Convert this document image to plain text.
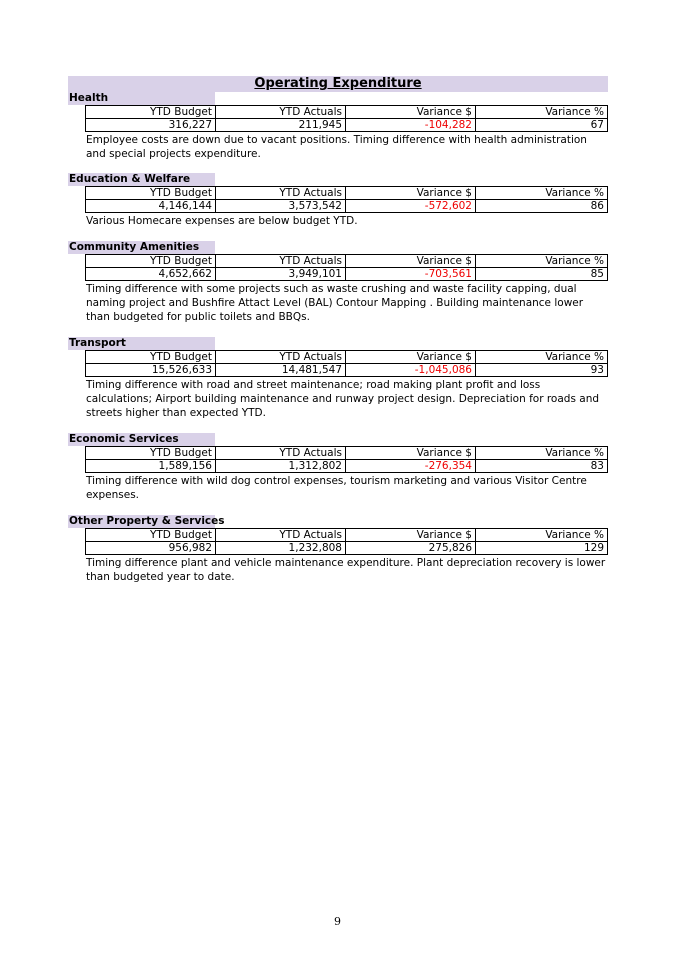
Operating Expenditure
Health
YTD Budget	YTD Actuals	Variance $	Variance %
316,227	211,945	-104,282	67
Employee costs are down due to vacant positions. Timing difference with health administration and special projects expenditure.
Education & Welfare
YTD Budget	YTD Actuals	Variance $	Variance %
4,146,144	3,573,542	-572,602	86
Various Homecare expenses are below budget YTD.
Community Amenities
YTD Budget	YTD Actuals	Variance $	Variance %
4,652,662	3,949,101	-703,561	85
Timing difference with some projects such as waste crushing and waste facility capping, dual naming project and Bushfire Attact Level (BAL) Contour Mapping . Building maintenance lower than budgeted for public toilets and BBQs.
Transport
YTD Budget	YTD Actuals	Variance $	Variance %
15,526,633	14,481,547	-1,045,086	93
Timing difference with road and street maintenance; road making plant profit and loss calculations; Airport building maintenance and runway project design. Depreciation for roads and streets higher than expected YTD.
Economic Services
YTD Budget	YTD Actuals	Variance $	Variance %
1,589,156	1,312,802	-276,354	83
Timing difference with wild dog control expenses, tourism marketing and various Visitor Centre expenses.
Other Property & Services
YTD Budget	YTD Actuals	Variance $	Variance %
956,982	1,232,808	275,826	129
Timing difference plant and vehicle maintenance expenditure. Plant depreciation recovery is lower than budgeted year to date.
9
